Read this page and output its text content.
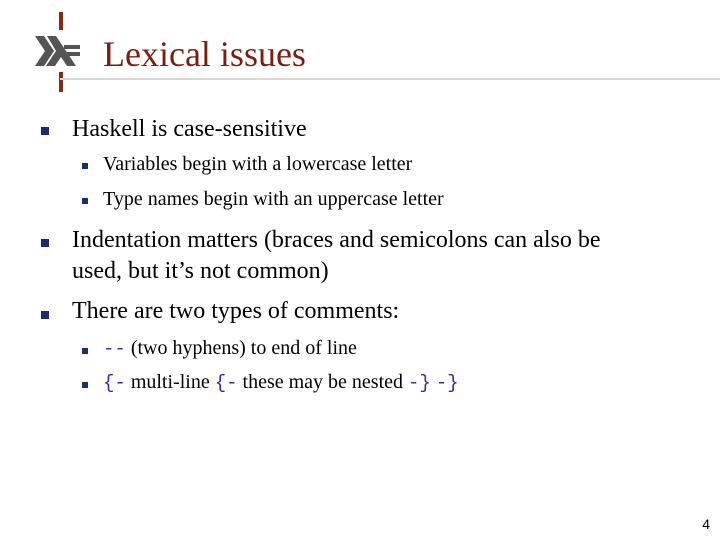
Lexical issues
Haskell is case-sensitive
Variables begin with a lowercase letter
Type names begin with an uppercase letter
Indentation matters (braces and semicolons can also be
used, but it’s not common)
There are two types of comments:
-- (two hyphens) to end of line
{- multi-line {- these may be nested -} -}
4
